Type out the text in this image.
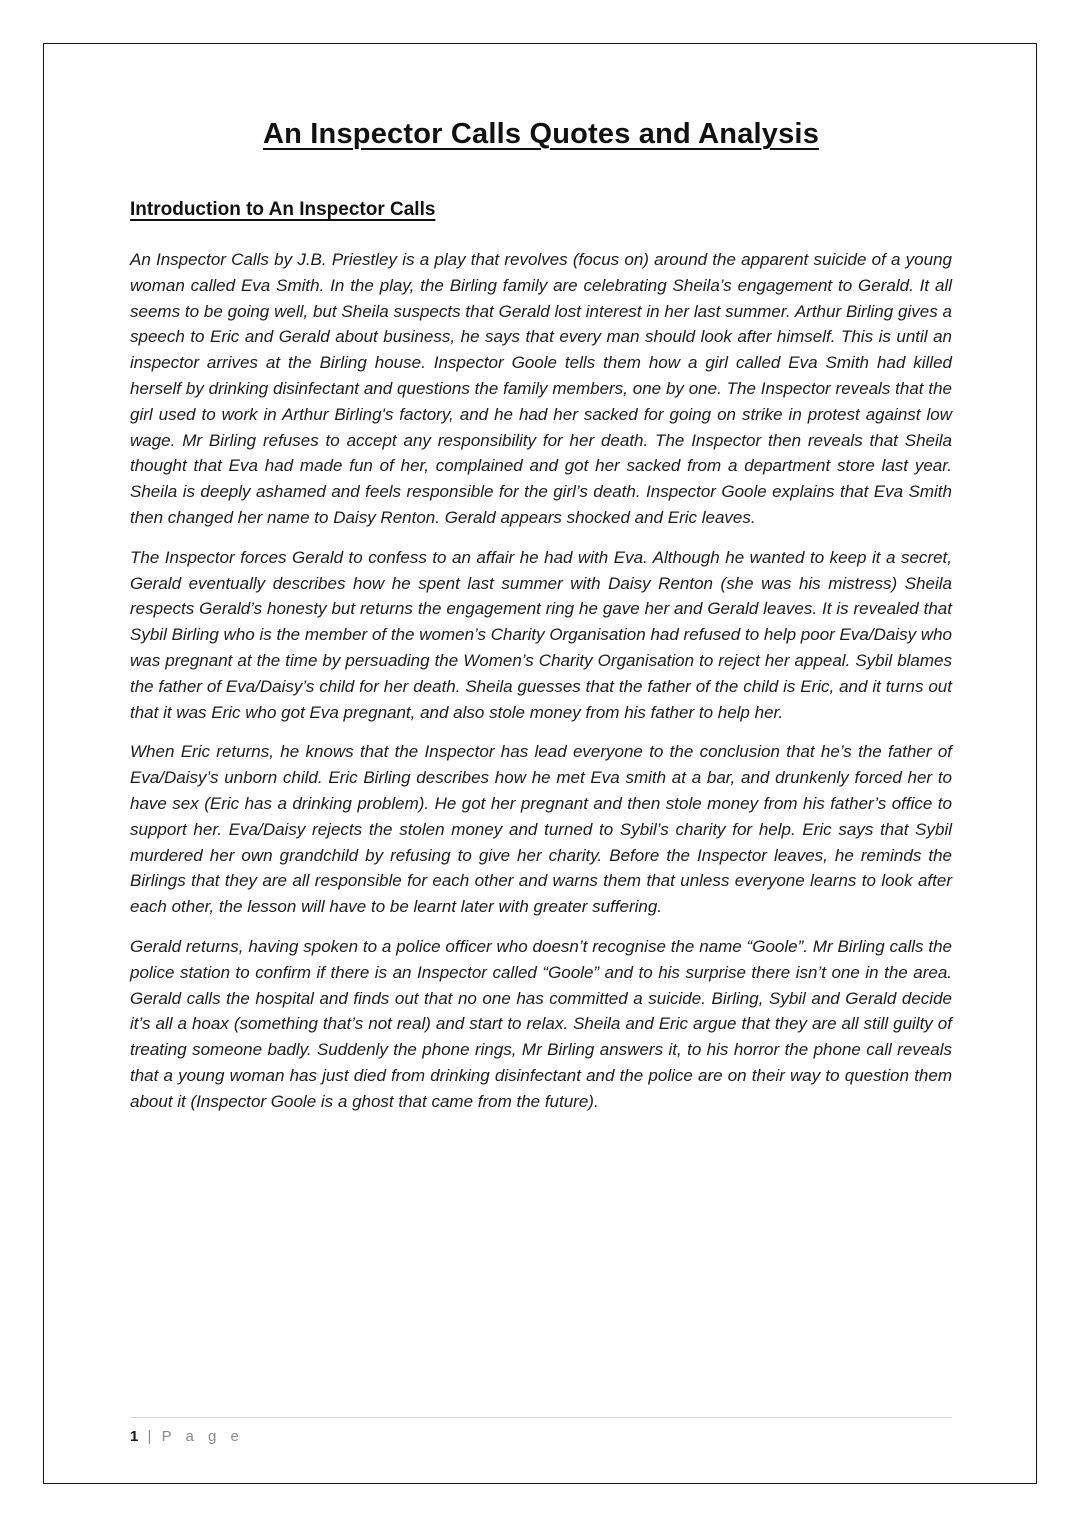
An Inspector Calls Quotes and Analysis
Introduction to An Inspector Calls

An Inspector Calls by J.B. Priestley is a play that revolves (focus on) around the apparent suicide of a young woman called Eva Smith. In the play, the Birling family are celebrating Sheila’s engagement to Gerald. It all seems to be going well, but Sheila suspects that Gerald lost interest in her last summer. Arthur Birling gives a speech to Eric and Gerald about business, he says that every man should look after himself. This is until an inspector arrives at the Birling house. Inspector Goole tells them how a girl called Eva Smith had killed herself by drinking disinfectant and questions the family members, one by one. The Inspector reveals that the girl used to work in Arthur Birling's factory, and he had her sacked for going on strike in protest against low wage. Mr Birling refuses to accept any responsibility for her death. The Inspector then reveals that Sheila thought that Eva had made fun of her, complained and got her sacked from a department store last year. Sheila is deeply ashamed and feels responsible for the girl’s death. Inspector Goole explains that Eva Smith then changed her name to Daisy Renton. Gerald appears shocked and Eric leaves.

The Inspector forces Gerald to confess to an affair he had with Eva. Although he wanted to keep it a secret, Gerald eventually describes how he spent last summer with Daisy Renton (she was his mistress) Sheila respects Gerald’s honesty but returns the engagement ring he gave her and Gerald leaves. It is revealed that Sybil Birling who is the member of the women’s Charity Organisation had refused to help poor Eva/Daisy who was pregnant at the time by persuading the Women’s Charity Organisation to reject her appeal. Sybil blames the father of Eva/Daisy’s child for her death. Sheila guesses that the father of the child is Eric, and it turns out that it was Eric who got Eva pregnant, and also stole money from his father to help her.

When Eric returns, he knows that the Inspector has lead everyone to the conclusion that he’s the father of Eva/Daisy’s unborn child. Eric Birling describes how he met Eva smith at a bar, and drunkenly forced her to have sex (Eric has a drinking problem). He got her pregnant and then stole money from his father’s office to support her. Eva/Daisy rejects the stolen money and turned to Sybil’s charity for help. Eric says that Sybil murdered her own grandchild by refusing to give her charity. Before the Inspector leaves, he reminds the Birlings that they are all responsible for each other and warns them that unless everyone learns to look after each other, the lesson will have to be learnt later with greater suffering.

Gerald returns, having spoken to a police officer who doesn’t recognise the name “Goole”. Mr Birling calls the police station to confirm if there is an Inspector called “Goole” and to his surprise there isn’t one in the area. Gerald calls the hospital and finds out that no one has committed a suicide. Birling, Sybil and Gerald decide it’s all a hoax (something that’s not real) and start to relax. Sheila and Eric argue that they are all still guilty of treating someone badly. Suddenly the phone rings, Mr Birling answers it, to his horror the phone call reveals that a young woman has just died from drinking disinfectant and the police are on their way to question them about it (Inspector Goole is a ghost that came from the future).

1 | P a g e
